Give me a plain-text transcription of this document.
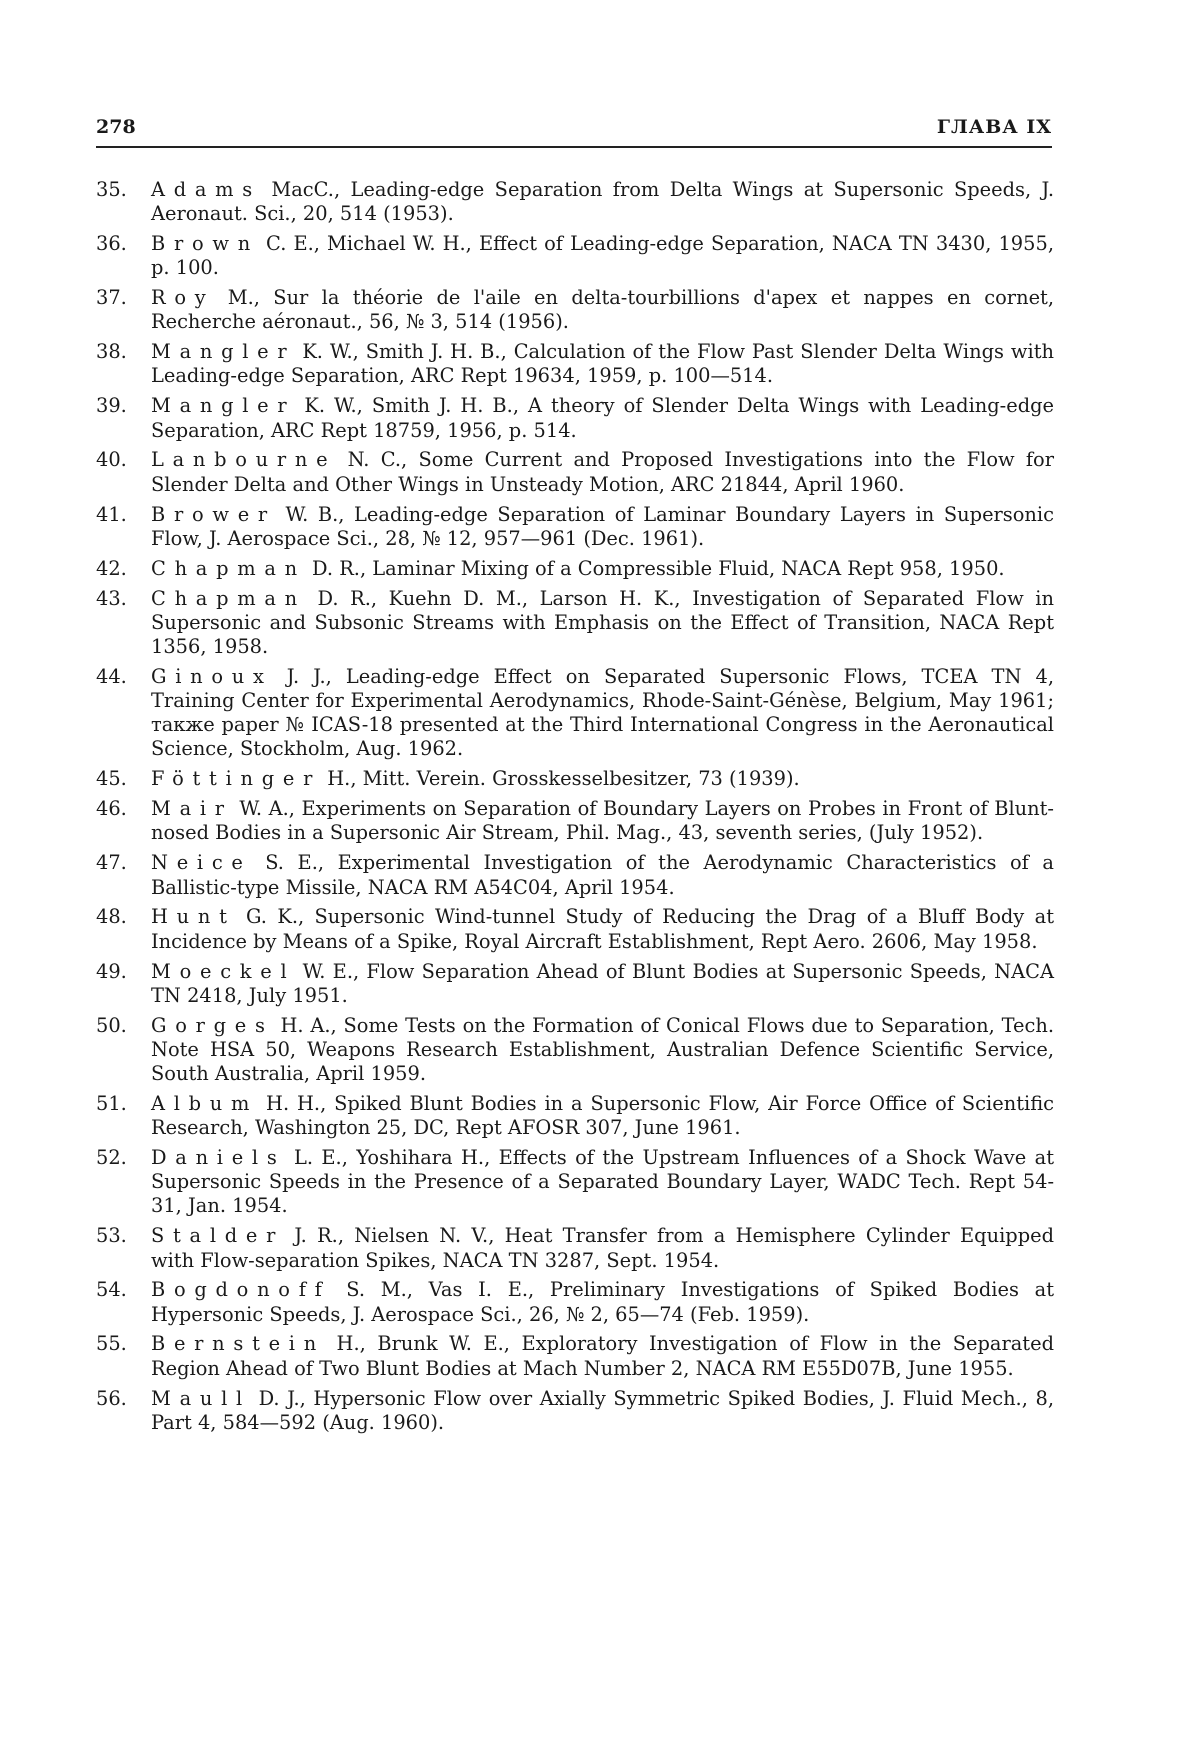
278	ГЛАВА IX
35. Adams MacC., Leading-edge Separation from Delta Wings at Supersonic Speeds, J. Aeronaut. Sci., 20, 514 (1953).
36. Brown C. E., Michael W. H., Effect of Leading-edge Separation, NACA TN 3430, 1955, p. 100.
37. Roy M., Sur la théorie de l'aile en delta-tourbillions d'apex et nappes en cornet, Recherche aéronaut., 56, № 3, 514 (1956).
38. Mangler K. W., Smith J. H. B., Calculation of the Flow Past Slender Delta Wings with Leading-edge Separation, ARC Rept 19634, 1959, p. 100—514.
39. Mangler K. W., Smith J. H. B., A theory of Slender Delta Wings with Leading-edge Separation, ARC Rept 18759, 1956, p. 514.
40. Lanbourne N. C., Some Current and Proposed Investigations into the Flow for Slender Delta and Other Wings in Unsteady Motion, ARC 21844, April 1960.
41. Brower W. B., Leading-edge Separation of Laminar Boundary Layers in Supersonic Flow, J. Aerospace Sci., 28, № 12, 957—961 (Dec. 1961).
42. Chapman D. R., Laminar Mixing of a Compressible Fluid, NACA Rept 958, 1950.
43. Chapman D. R., Kuehn D. M., Larson H. K., Investigation of Separated Flow in Supersonic and Subsonic Streams with Emphasis on the Effect of Transition, NACA Rept 1356, 1958.
44. Ginoux J. J., Leading-edge Effect on Separated Supersonic Flows, TCEA TN 4, Training Center for Experimental Aerodynamics, Rhode-Saint-Génèse, Belgium, May 1961; также paper № ICAS-18 presented at the Third International Congress in the Aeronautical Science, Stockholm, Aug. 1962.
45. Föttinger H., Mitt. Verein. Grosskesselbesitzer, 73 (1939).
46. Mair W. A., Experiments on Separation of Boundary Layers on Probes in Front of Blunt-nosed Bodies in a Supersonic Air Stream, Phil. Mag., 43, seventh series, (July 1952).
47. Neice S. E., Experimental Investigation of the Aerodynamic Characteristics of a Ballistic-type Missile, NACA RM A54C04, April 1954.
48. Hunt G. K., Supersonic Wind-tunnel Study of Reducing the Drag of a Bluff Body at Incidence by Means of a Spike, Royal Aircraft Establishment, Rept Aero. 2606, May 1958.
49. Moeckel W. E., Flow Separation Ahead of Blunt Bodies at Supersonic Speeds, NACA TN 2418, July 1951.
50. Gorges H. A., Some Tests on the Formation of Conical Flows due to Separation, Tech. Note HSA 50, Weapons Research Establishment, Australian Defence Scientific Service, South Australia, April 1959.
51. Album H. H., Spiked Blunt Bodies in a Supersonic Flow, Air Force Office of Scientific Research, Washington 25, DC, Rept AFOSR 307, June 1961.
52. Daniels L. E., Yoshihara H., Effects of the Upstream Influences of a Shock Wave at Supersonic Speeds in the Presence of a Separated Boundary Layer, WADC Tech. Rept 54-31, Jan. 1954.
53. Stalder J. R., Nielsen N. V., Heat Transfer from a Hemisphere Cylinder Equipped with Flow-separation Spikes, NACA TN 3287, Sept. 1954.
54. Bogdonoff S. M., Vas I. E., Preliminary Investigations of Spiked Bodies at Hypersonic Speeds, J. Aerospace Sci., 26, № 2, 65—74 (Feb. 1959).
55. Bernstein H., Brunk W. E., Exploratory Investigation of Flow in the Separated Region Ahead of Two Blunt Bodies at Mach Number 2, NACA RM E55D07B, June 1955.
56. Maull D. J., Hypersonic Flow over Axially Symmetric Spiked Bodies, J. Fluid Mech., 8, Part 4, 584—592 (Aug. 1960).
